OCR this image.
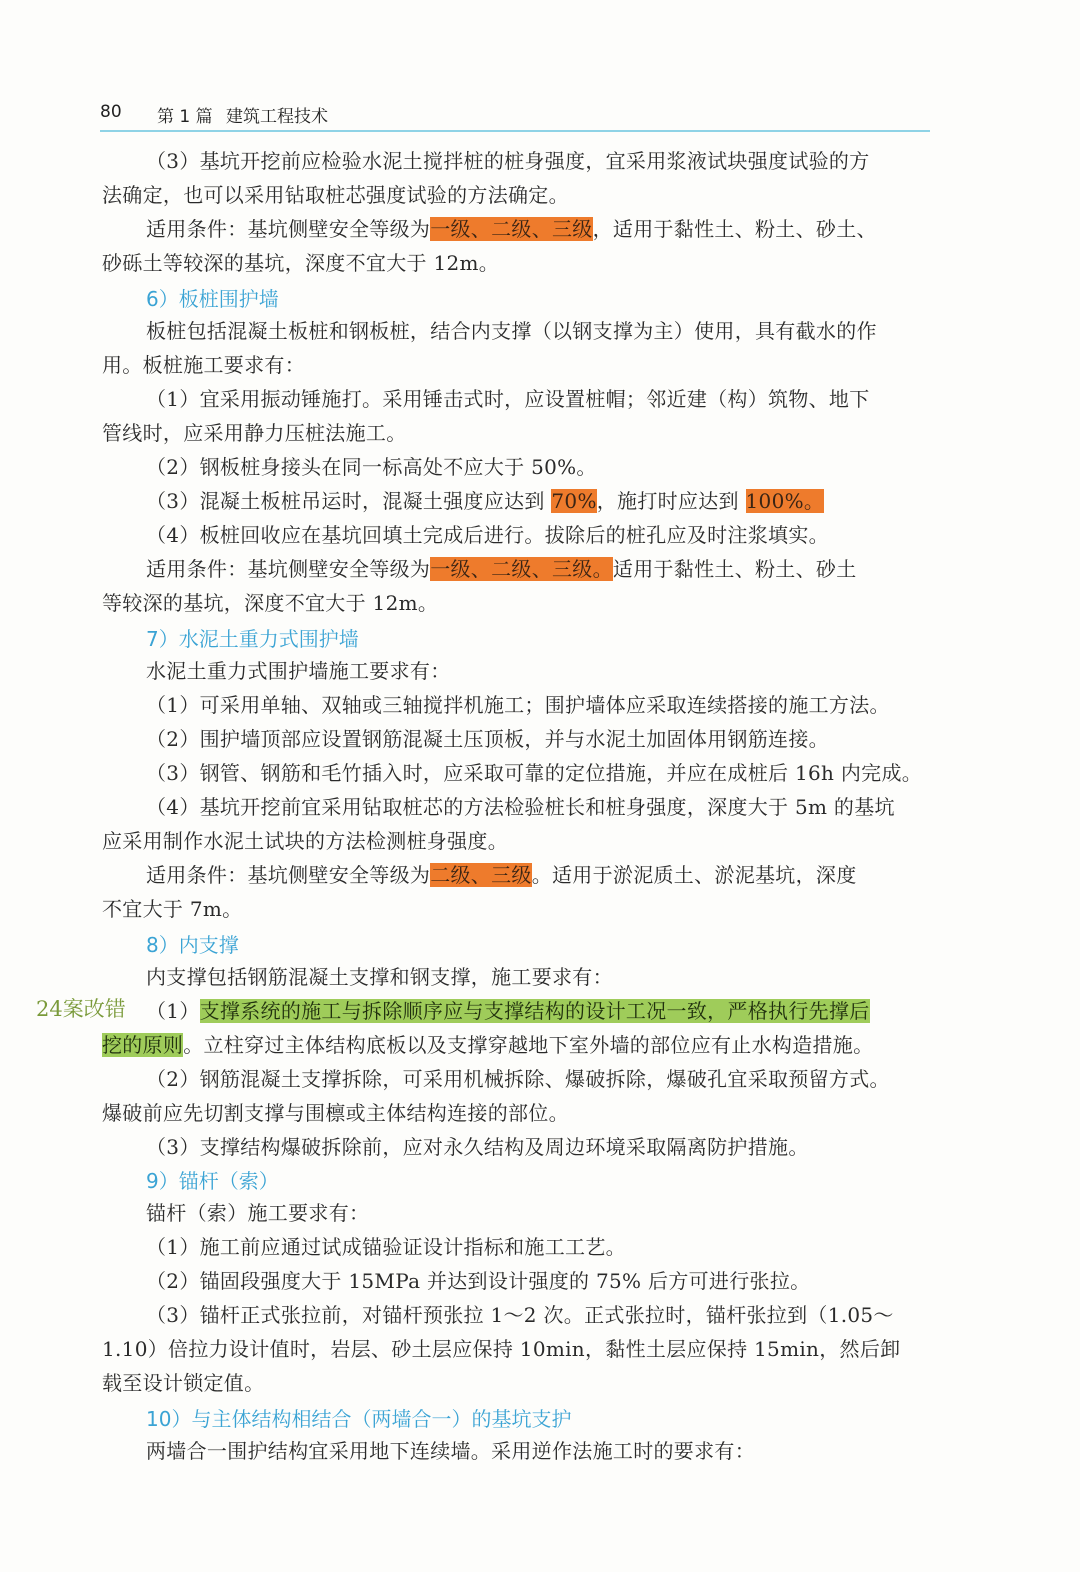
80 第 1 篇 建筑工程技术
（3）基坑开挖前应检验水泥土搅拌桩的桩身强度，宜采用浆液试块强度试验的方
法确定，也可以采用钻取桩芯强度试验的方法确定。
适用条件：基坑侧壁安全等级为一级、二级、三级，适用于黏性土、粉土、砂土、
砂砾土等较深的基坑，深度不宜大于 12m。
6）板桩围护墙
板桩包括混凝土板桩和钢板桩，结合内支撑（以钢支撑为主）使用，具有截水的作
用。板桩施工要求有：
（1）宜采用振动锤施打。采用锤击式时，应设置桩帽；邻近建（构）筑物、地下
管线时，应采用静力压桩法施工。
（2）钢板桩身接头在同一标高处不应大于 50%。
（3）混凝土板桩吊运时，混凝土强度应达到 70%，施打时应达到 100%。
（4）板桩回收应在基坑回填土完成后进行。拔除后的桩孔应及时注浆填实。
适用条件：基坑侧壁安全等级为一级、二级、三级。适用于黏性土、粉土、砂土
等较深的基坑，深度不宜大于 12m。
7）水泥土重力式围护墙
水泥土重力式围护墙施工要求有：
（1）可采用单轴、双轴或三轴搅拌机施工；围护墙体应采取连续搭接的施工方法。
（2）围护墙顶部应设置钢筋混凝土压顶板，并与水泥土加固体用钢筋连接。
（3）钢管、钢筋和毛竹插入时，应采取可靠的定位措施，并应在成桩后 16h 内完成。
（4）基坑开挖前宜采用钻取桩芯的方法检验桩长和桩身强度，深度大于 5m 的基坑
应采用制作水泥土试块的方法检测桩身强度。
适用条件：基坑侧壁安全等级为二级、三级。适用于淤泥质土、淤泥基坑，深度
不宜大于 7m。
8）内支撑
内支撑包括钢筋混凝土支撑和钢支撑，施工要求有：
（1）支撑系统的施工与拆除顺序应与支撑结构的设计工况一致，严格执行先撑后
挖的原则。立柱穿过主体结构底板以及支撑穿越地下室外墙的部位应有止水构造措施。
（2）钢筋混凝土支撑拆除，可采用机械拆除、爆破拆除，爆破孔宜采取预留方式。
爆破前应先切割支撑与围檩或主体结构连接的部位。
（3）支撑结构爆破拆除前，应对永久结构及周边环境采取隔离防护措施。
9）锚杆（索）
锚杆（索）施工要求有：
（1）施工前应通过试成锚验证设计指标和施工工艺。
（2）锚固段强度大于 15MPa 并达到设计强度的 75% 后方可进行张拉。
（3）锚杆正式张拉前，对锚杆预张拉 1～2 次。正式张拉时，锚杆张拉到（1.05～
1.10）倍拉力设计值时，岩层、砂土层应保持 10min，黏性土层应保持 15min，然后卸
载至设计锁定值。
10）与主体结构相结合（两墙合一）的基坑支护
两墙合一围护结构宜采用地下连续墙。采用逆作法施工时的要求有：
24案改错
